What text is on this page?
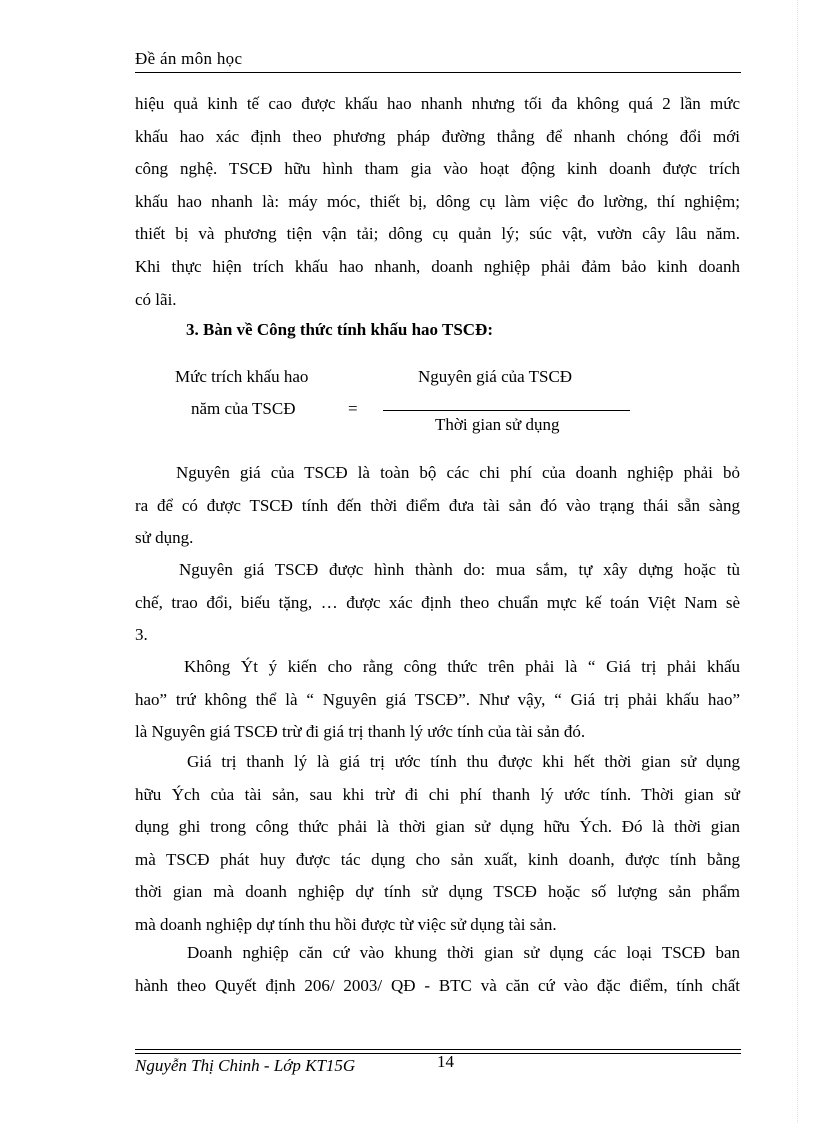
Đề án môn học
hiệu quả kinh tế cao được khấu hao nhanh nhưng tối đa không quá 2 lần mức
khấu hao xác định theo phương pháp đường thẳng để nhanh chóng đổi mới
công nghệ. TSCĐ hữu hình tham gia vào hoạt động kinh doanh được trích
khấu hao nhanh là: máy móc, thiết bị, dông cụ làm việc đo lường, thí nghiệm;
thiết bị và phương tiện vận tải; dông cụ quản lý; súc vật, vườn cây lâu năm.
Khi thực hiện trích khấu hao nhanh, doanh nghiệp phải đảm bảo kinh doanh
có lãi.
3. Bàn về Công thức tính khấu hao TSCĐ:
Mức trích khấu hao
năm của TSCĐ	=
Nguyên giá của TSCĐ
Thời gian sử dụng
Nguyên giá của TSCĐ là toàn bộ các chi phí của doanh nghiệp phải bỏ
ra để có được TSCĐ tính đến thời điểm đưa tài sản đó vào trạng thái sẵn sàng
sử dụng.
Nguyên giá TSCĐ được hình thành do: mua sắm, tự xây dựng hoặc tù
chế, trao đổi, biếu tặng, … được xác định theo chuẩn mực kế toán Việt Nam sè
3.
Không Ýt ý kiến cho rằng công thức trên phải là “ Giá trị phải khấu
hao” trứ không thể là “ Nguyên giá TSCĐ”. Như vậy, “ Giá trị phải khấu hao”
là Nguyên giá TSCĐ trừ đi giá trị thanh lý ước tính của tài sản đó.
Giá trị thanh lý là giá trị ước tính thu được khi hết thời gian sử dụng
hữu Ých của tài sản, sau khi trừ đi chi phí thanh lý ước tính. Thời gian sử
dụng ghi trong công thức phải là thời gian sử dụng hữu Ých. Đó là thời gian
mà TSCĐ phát huy được tác dụng cho sản xuất, kinh doanh, được tính bằng
thời gian mà doanh nghiệp dự tính sử dụng TSCĐ hoặc số lượng sản phẩm
mà doanh nghiệp dự tính thu hồi được từ việc sử dụng tài sản.
Doanh nghiệp căn cứ vào khung thời gian sử dụng các loại TSCĐ ban
hành theo Quyết định 206/ 2003/ QĐ - BTC và căn cứ vào đặc điểm, tính chất
Nguyễn Thị Chinh - Lớp KT15G	14
